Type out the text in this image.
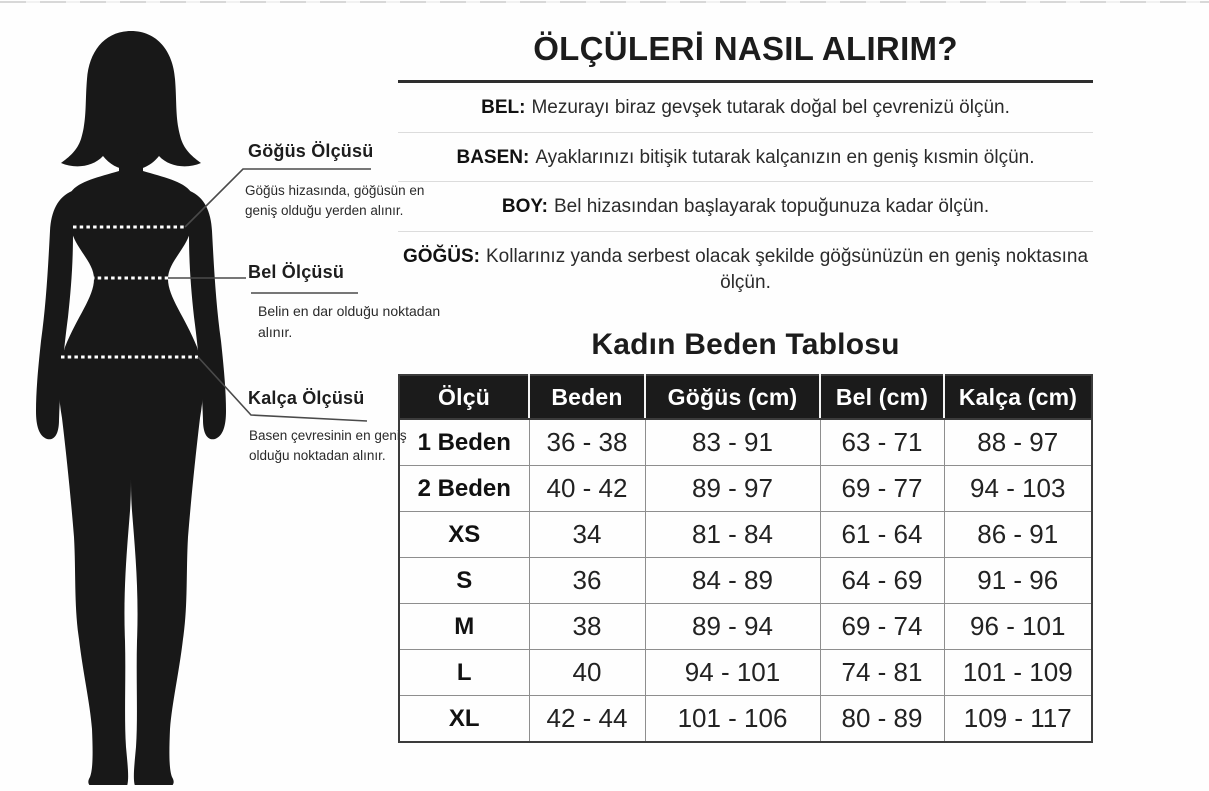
Göğüs Ölçüsü
Göğüs hizasında, göğüsün en geniş olduğu yerden alınır.
Bel Ölçüsü
Belin en dar olduğu noktadan alınır.
Kalça Ölçüsü
Basen çevresinin en geniş olduğu noktadan alınır.
ÖLÇÜLERİ NASIL ALIRIM?
BEL: Mezurayı biraz gevşek tutarak doğal bel çevrenizü ölçün.
BASEN: Ayaklarınızı bitişik tutarak kalçanızın en geniş kısmin ölçün.
BOY: Bel hizasından başlayarak topuğunuza kadar ölçün.
GÖĞÜS: Kollarınız yanda serbest olacak şekilde göğsünüzün en geniş noktasına ölçün.
Kadın Beden Tablosu
Ölçü	Beden	Göğüs (cm)	Bel (cm)	Kalça (cm)
1 Beden	36 - 38	83 - 91	63 - 71	88 - 97
2 Beden	40 - 42	89 - 97	69 - 77	94 - 103
XS	34	81 - 84	61 - 64	86 - 91
S	36	84 - 89	64 - 69	91 - 96
M	38	89 - 94	69 - 74	96 - 101
L	40	94 - 101	74 - 81	101 - 109
XL	42 - 44	101 - 106	80 - 89	109 - 117
